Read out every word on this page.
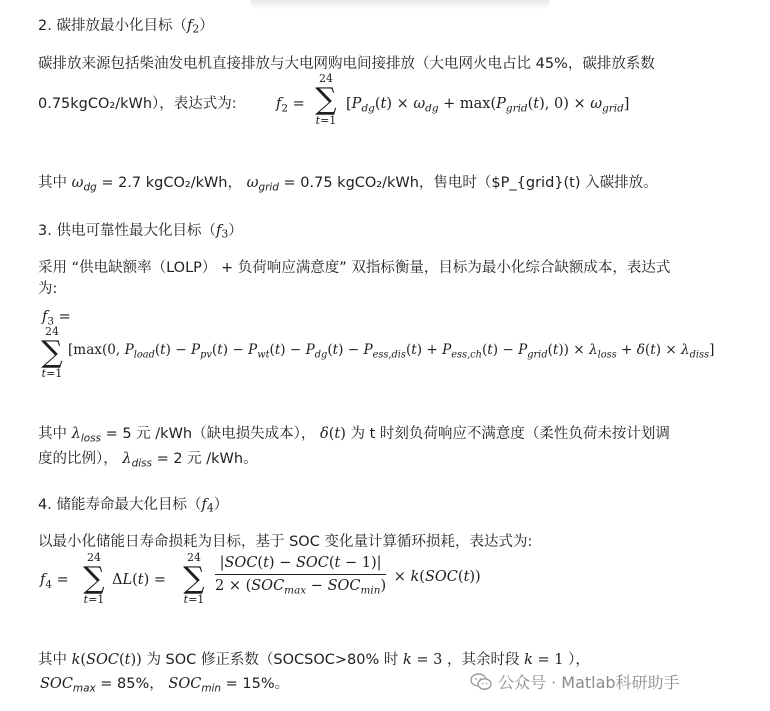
2. 碳排放最小化目标（f2）
碳排放来源包括柴油发电机直接排放与大电网购电间接排放（大电网火电占比 45%，碳排放系数
0.75kgCO₂/kWh），表达式为:	$f_2$ =
24
∑
t=1
[$P_{dg}(t) \times \omega_{dg} + \max(P_{grid}(t)$, $0) \times \omega_{grid}$]
其中 $\omega_{dg} = 2.7$ kgCO₂/kWh， $\omega_{grid} = 0.75$ kgCO₂/kWh，售电时（$P_{grid}(t) 入碳排放。
3. 供电可靠性最大化目标（f3）
采用 “供电缺额率（LOLP） + 负荷响应满意度” 双指标衡量，目标为最小化综合缺额成本，表达式
为:
$f_3$ =
24
∑
t=1
[max(0, $P_{load}(t) - P_{pv}(t) - P_{wt}(t) - P_{dg}(t) - P_{ess,dis}(t) + P_{ess,ch}(t) - P_{grid}(t)) \times \lambda_{loss} + \delta(t) \times \lambda_{diss}$]
其中 $\lambda_{loss} = 5$ 元 /kWh（缺电损失成本）， δ(t) 为 t 时刻负荷响应不满意度（柔性负荷未按计划调
度的比例）， $\lambda_{diss} = 2$ 元 /kWh。
4. 储能寿命最大化目标（f4）
以最小化储能日寿命损耗为目标，基于 SOC 变化量计算循环损耗，表达式为:
$f_4$ =
24
∑
t=1
ΔL(t) =
24
∑
$t=1 \frac{\text{|SOC(t) − SOC(t − 1)|}}{2 \times (SOC_{max} - SOC_{min})} \times k(SOC(t))$
其中 k(SOC(t)) 为 SOC 修正系数（SOCSOC>80% 时 k = 3 ，其余时段 k = 1 ），
$SOC_{max} = 85\%$， $SOC_{min} = 15\%$。	公众号 · Matlab科研助手
